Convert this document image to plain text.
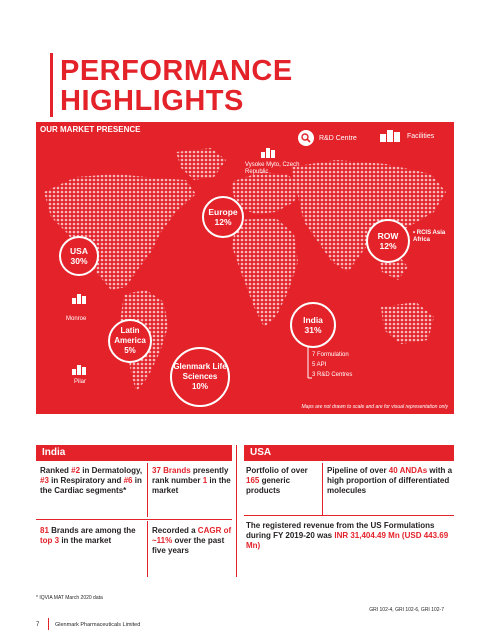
PERFORMANCE
HIGHLIGHTS
OUR MARKET PRESENCE
R&D Centre	Facilities
Vysoke Myto, Czech Republic
USA
30%
Europe
12%
ROW
12%
• RCIS Asia Africa
India
31%
7 Formulation
5 API
3 R&D Centres
Monroe
Latin America
5%
Pilar
Glenmark Life Sciences
10%
Maps are not drawn to scale and are for visual representation only
India
Ranked #2 in Dermatology, #3 in Respiratory and #6 in the Cardiac segments*
37 Brands presently rank number 1 in the market
81 Brands are among the top 3 in the market
Recorded a CAGR of ~11% over the past five years
USA
Portfolio of over 165 generic products
Pipeline of over 40 ANDAs with a high proportion of differentiated molecules
The registered revenue from the US Formulations during FY 2019-20 was INR 31,404.49 Mn (USD 443.69 Mn)
* IQVIA MAT March 2020 data
GRI 102-4, GRI 102-6, GRI 102-7
7	Glenmark Pharmaceuticals Limited
